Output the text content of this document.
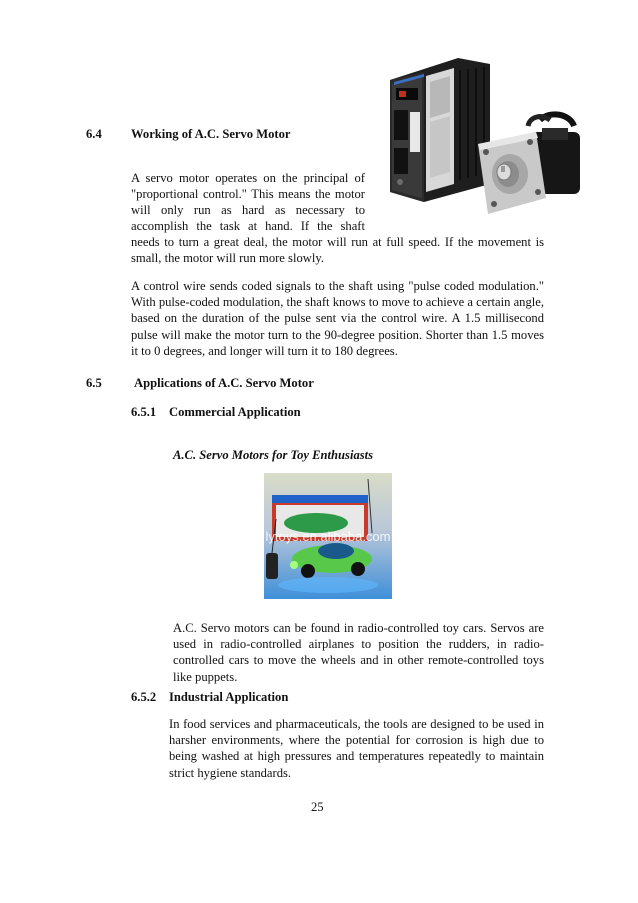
6.4 Working of A.C. Servo Motor
A servo motor operates on the principal of
"proportional control." This means the motor
will only run as hard as necessary to
accomplish the task at hand. If the shaft
needs to turn a great deal, the motor will run at full speed. If the movement is small, the motor will run more slowly.
A control wire sends coded signals to the shaft using "pulse coded modulation." With pulse-coded modulation, the shaft knows to move to achieve a certain angle, based on the duration of the pulse sent via the control wire. A 1.5 millisecond pulse will make the motor turn to the 90-degree position. Shorter than 1.5 moves it to 0 degrees, and longer will turn it to 180 degrees.
6.5	Applications of A.C. Servo Motor
6.5.1 Commercial Application
A.C. Servo Motors for Toy Enthusiasts
lytoys.en.alibaba.com
A.C. Servo motors can be found in radio-controlled toy cars. Servos are used in radio-controlled airplanes to position the rudders, in radio-controlled cars to move the wheels and in other remote-controlled toys like puppets.
6.5.2 Industrial Application
In food services and pharmaceuticals, the tools are designed to be used in harsher environments, where the potential for corrosion is high due to being washed at high pressures and temperatures repeatedly to maintain strict hygiene standards.
25
